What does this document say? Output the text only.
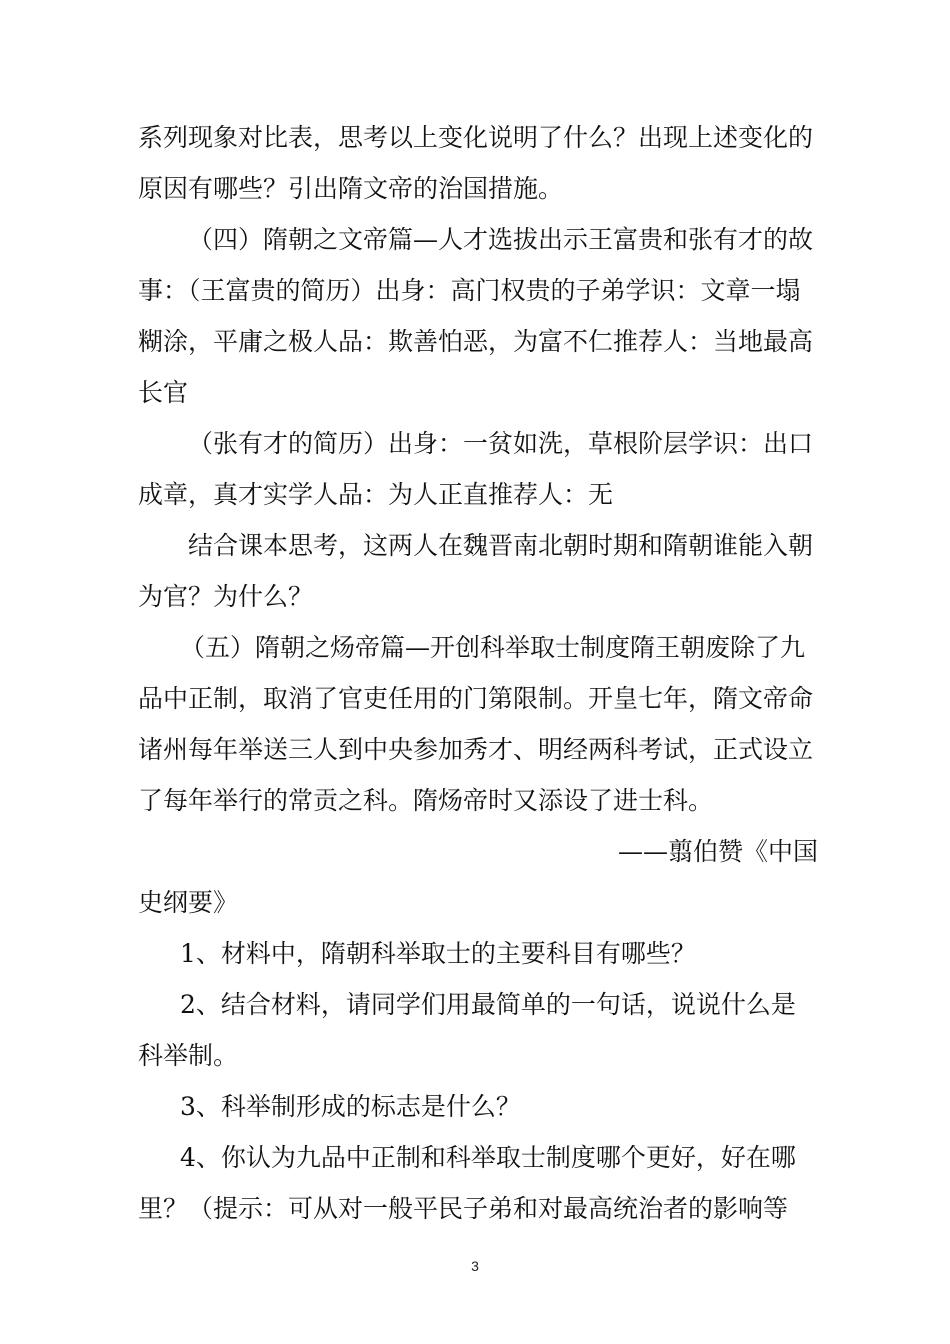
系列现象对比表，思考以上变化说明了什么？出现上述变化的原因有哪些？引出隋文帝的治国措施。

（四）隋朝之文帝篇—人才选拔出示王富贵和张有才的故事：（王富贵的简历）出身：高门权贵的子弟学识：文章一塌糊涂，平庸之极人品：欺善怕恶，为富不仁推荐人：当地最高长官

（张有才的简历）出身：一贫如洗，草根阶层学识：出口成章，真才实学人品：为人正直推荐人：无

结合课本思考，这两人在魏晋南北朝时期和隋朝谁能入朝为官？为什么？

（五）隋朝之炀帝篇—开创科举取士制度隋王朝废除了九品中正制，取消了官吏任用的门第限制。开皇七年，隋文帝命诸州每年举送三人到中央参加秀才、明经两科考试，正式设立了每年举行的常贡之科。隋炀帝时又添设了进士科。

——翦伯赞《中国

史纲要》

1、材料中，隋朝科举取士的主要科目有哪些？

2、结合材料，请同学们用最简单的一句话，说说什么是科举制。

3、科举制形成的标志是什么？

4、你认为九品中正制和科举取士制度哪个更好，好在哪里？（提示：可从对一般平民子弟和对最高统治者的影响等

3
